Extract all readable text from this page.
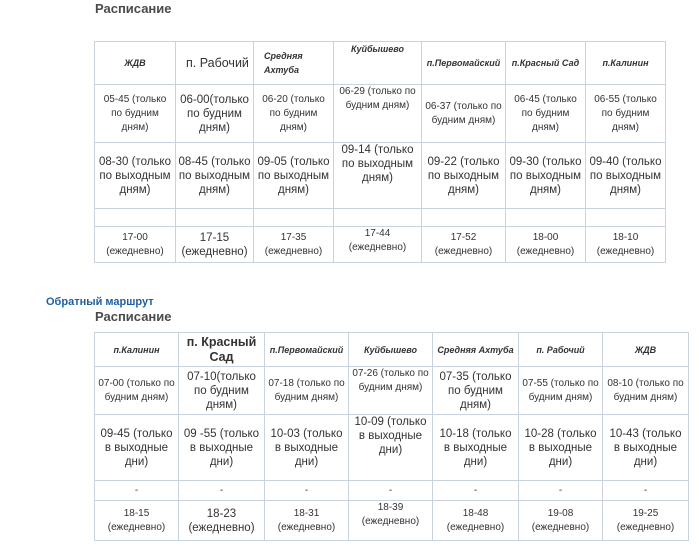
Расписание
ЖДВ	п. Рабочий	Средняя Ахтуба	Куйбышево	п.Первомайский	п.Красный Сад	п.Калинин
05-45 (только по будним дням)	06-00(только по будним дням)	06-20 (только по будним дням)	06-29 (только по будним дням)	06-37 (только по будним дням)	06-45 (только по будним дням)	06-55 (только по будним дням)
08-30 (только по выходным дням)	08-45 (только по выходным дням)	09-05 (только по выходным дням)	09-14 (только по выходным дням)	09-22 (только по выходным дням)	09-30 (только по выходным дням)	09-40 (только по выходным дням)

17-00 (ежедневно)	17-15 (ежедневно)	17-35 (ежедневно)	17-44 (ежедневно)	17-52 (ежедневно)	18-00 (ежедневно)	18-10 (ежедневно)
Обратный маршрут
Расписание
п.Калинин	п. Красный Сад	п.Первомайский	Куйбышево	Средняя Ахтуба	п. Рабочий	ЖДВ
07-00 (только по будним дням)	07-10(только по будним дням)	07-18 (только по будним дням)	07-26 (только по будним дням)	07-35 (только по будним дням)	07-55 (только по будним дням)	08-10 (только по будним дням)
09-45 (только в выходные дни)	09 -55 (только в выходные дни)	10-03 (только в выходные дни)	10-09 (только в выходные дни)	10-18 (только в выходные дни)	10-28 (только в выходные дни)	10-43 (только в выходные дни)
-	-	-	-	-	-	-
18-15 (ежедневно)	18-23 (ежедневно)	18-31 (ежедневно)	18-39 (ежедневно)	18-48 (ежедневно)	19-08 (ежедневно)	19-25 (ежедневно)
